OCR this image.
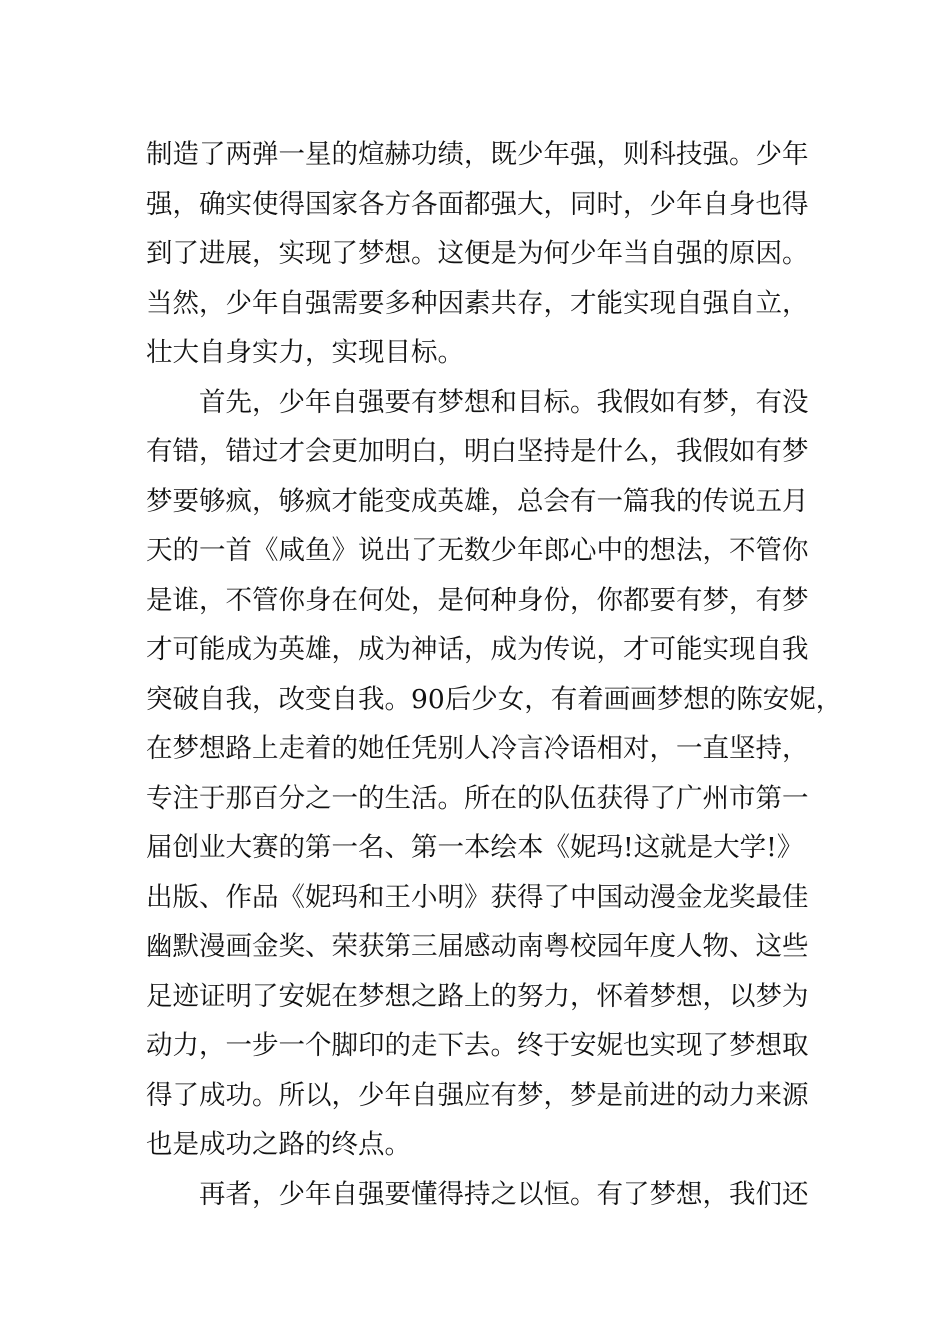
制造了两弹一星的煊赫功绩，既少年强，则科技强。少年
强，确实使得国家各方各面都强大，同时，少年自身也得
到了进展，实现了梦想。这便是为何少年当自强的原因。
当然，少年自强需要多种因素共存，才能实现自强自立，
壮大自身实力，实现目标。
首先，少年自强要有梦想和目标。我假如有梦，有没
有错，错过才会更加明白，明白坚持是什么，我假如有梦
梦要够疯，够疯才能变成英雄，总会有一篇我的传说五月
天的一首《咸鱼》说出了无数少年郎心中的想法，不管你
是谁，不管你身在何处，是何种身份，你都要有梦，有梦
才可能成为英雄，成为神话，成为传说，才可能实现自我
突破自我，改变自我。90后少女，有着画画梦想的陈安妮，
在梦想路上走着的她任凭别人冷言冷语相对，一直坚持，
专注于那百分之一的生活。所在的队伍获得了广州市第一
届创业大赛的第一名、第一本绘本《妮玛!这就是大学!》
出版、作品《妮玛和王小明》获得了中国动漫金龙奖最佳
幽默漫画金奖、荣获第三届感动南粤校园年度人物、这些
足迹证明了安妮在梦想之路上的努力，怀着梦想，以梦为
动力，一步一个脚印的走下去。终于安妮也实现了梦想取
得了成功。所以，少年自强应有梦，梦是前进的动力来源
也是成功之路的终点。
再者，少年自强要懂得持之以恒。有了梦想，我们还
